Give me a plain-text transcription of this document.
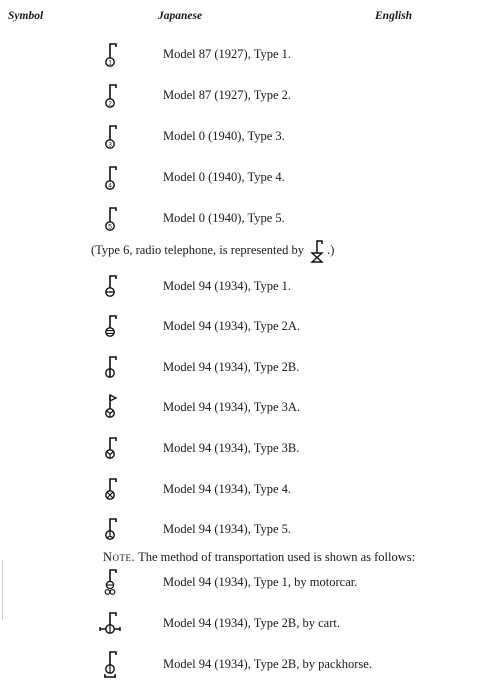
Symbol	Japanese	English
1
Model 87 (1927), Type 1.
2
Model 87 (1927), Type 2.
3
Model 0 (1940), Type 3.
4
Model 0 (1940), Type 4.
5
Model 0 (1940), Type 5.
(Type 6, radio telephone, is represented by .)
Model 94 (1934), Type 1.
Model 94 (1934), Type 2A.
Model 94 (1934), Type 2B.
Model 94 (1934), Type 3A.
Model 94 (1934), Type 3B.
Model 94 (1934), Type 4.
Model 94 (1934), Type 5.
Note. The method of transportation used is shown as follows:
Model 94 (1934), Type 1, by motorcar.
Model 94 (1934), Type 2B, by cart.
Model 94 (1934), Type 2B, by packhorse.
